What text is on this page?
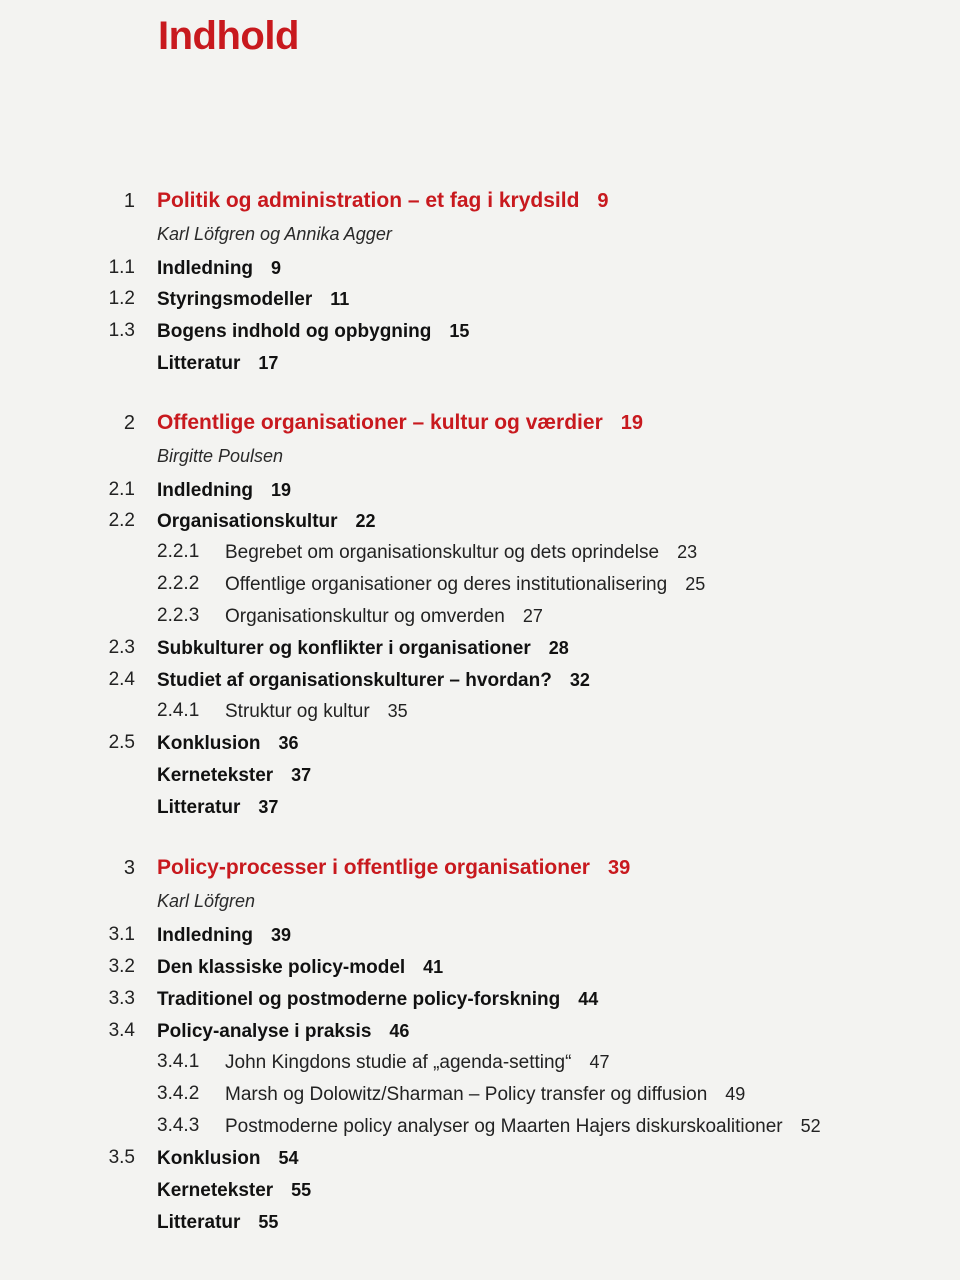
Indhold
1 Politik og administration – et fag i krydsild 9
Karl Löfgren og Annika Agger
1.1 Indledning 9
1.2 Styringsmodeller 11
1.3 Bogens indhold og opbygning 15
Litteratur 17
2 Offentlige organisationer – kultur og værdier 19
Birgitte Poulsen
2.1 Indledning 19
2.2 Organisationskultur 22
2.2.1 Begrebet om organisationskultur og dets oprindelse 23
2.2.2 Offentlige organisationer og deres institutionalisering 25
2.2.3 Organisationskultur og omverden 27
2.3 Subkulturer og konflikter i organisationer 28
2.4 Studiet af organisationskulturer – hvordan? 32
2.4.1 Struktur og kultur 35
2.5 Konklusion 36
Kernetekster 37
Litteratur 37
3 Policy-processer i offentlige organisationer 39
Karl Löfgren
3.1 Indledning 39
3.2 Den klassiske policy-model 41
3.3 Traditionel og postmoderne policy-forskning 44
3.4 Policy-analyse i praksis 46
3.4.1 John Kingdons studie af „agenda-setting“ 47
3.4.2 Marsh og Dolowitz/Sharman – Policy transfer og diffusion 49
3.4.3 Postmoderne policy analyser og Maarten Hajers diskurskoalitioner 52
3.5 Konklusion 54
Kernetekster 55
Litteratur 55
